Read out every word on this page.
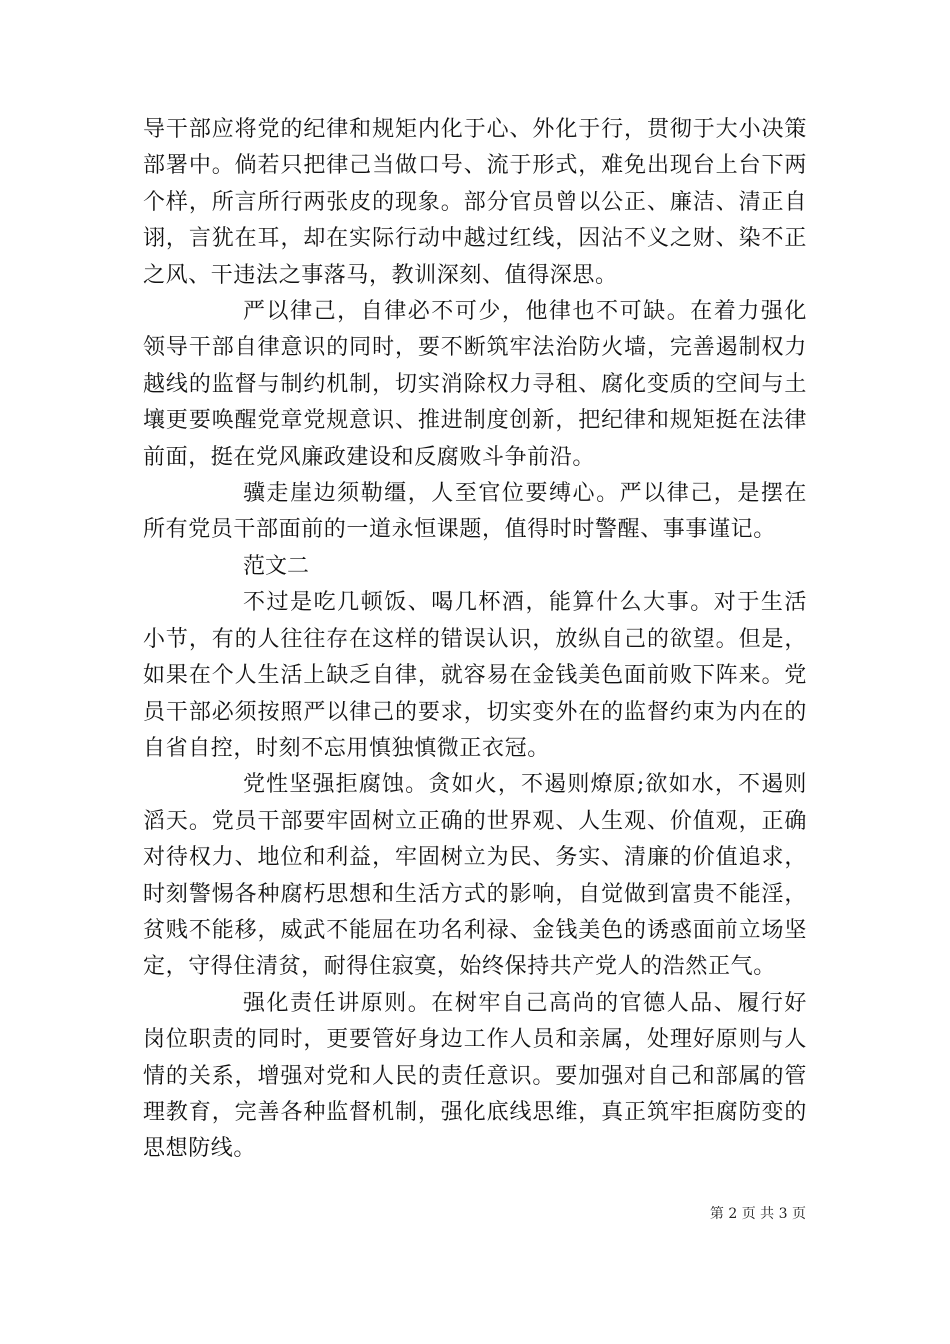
导干部应将党的纪律和规矩内化于心、外化于行，贯彻于大小决策部署中。倘若只把律己当做口号、流于形式，难免出现台上台下两个样，所言所行两张皮的现象。部分官员曾以公正、廉洁、清正自诩，言犹在耳，却在实际行动中越过红线，因沾不义之财、染不正之风、干违法之事落马，教训深刻、值得深思。

严以律己，自律必不可少，他律也不可缺。在着力强化领导干部自律意识的同时，要不断筑牢法治防火墙，完善遏制权力越线的监督与制约机制，切实消除权力寻租、腐化变质的空间与土壤更要唤醒党章党规意识、推进制度创新，把纪律和规矩挺在法律前面，挺在党风廉政建设和反腐败斗争前沿。

骥走崖边须勒缰，人至官位要缚心。严以律己，是摆在所有党员干部面前的一道永恒课题，值得时时警醒、事事谨记。

范文二

不过是吃几顿饭、喝几杯酒，能算什么大事。对于生活小节，有的人往往存在这样的错误认识，放纵自己的欲望。但是，如果在个人生活上缺乏自律，就容易在金钱美色面前败下阵来。党员干部必须按照严以律己的要求，切实变外在的监督约束为内在的自省自控，时刻不忘用慎独慎微正衣冠。

党性坚强拒腐蚀。贪如火，不遏则燎原;欲如水，不遏则滔天。党员干部要牢固树立正确的世界观、人生观、价值观，正确对待权力、地位和利益，牢固树立为民、务实、清廉的价值追求，时刻警惕各种腐朽思想和生活方式的影响，自觉做到富贵不能淫，贫贱不能移，威武不能屈在功名利禄、金钱美色的诱惑面前立场坚定，守得住清贫，耐得住寂寞，始终保持共产党人的浩然正气。

强化责任讲原则。在树牢自己高尚的官德人品、履行好岗位职责的同时，更要管好身边工作人员和亲属，处理好原则与人情的关系，增强对党和人民的责任意识。要加强对自己和部属的管理教育，完善各种监督机制，强化底线思维，真正筑牢拒腐防变的思想防线。

第 2 页 共 3 页
